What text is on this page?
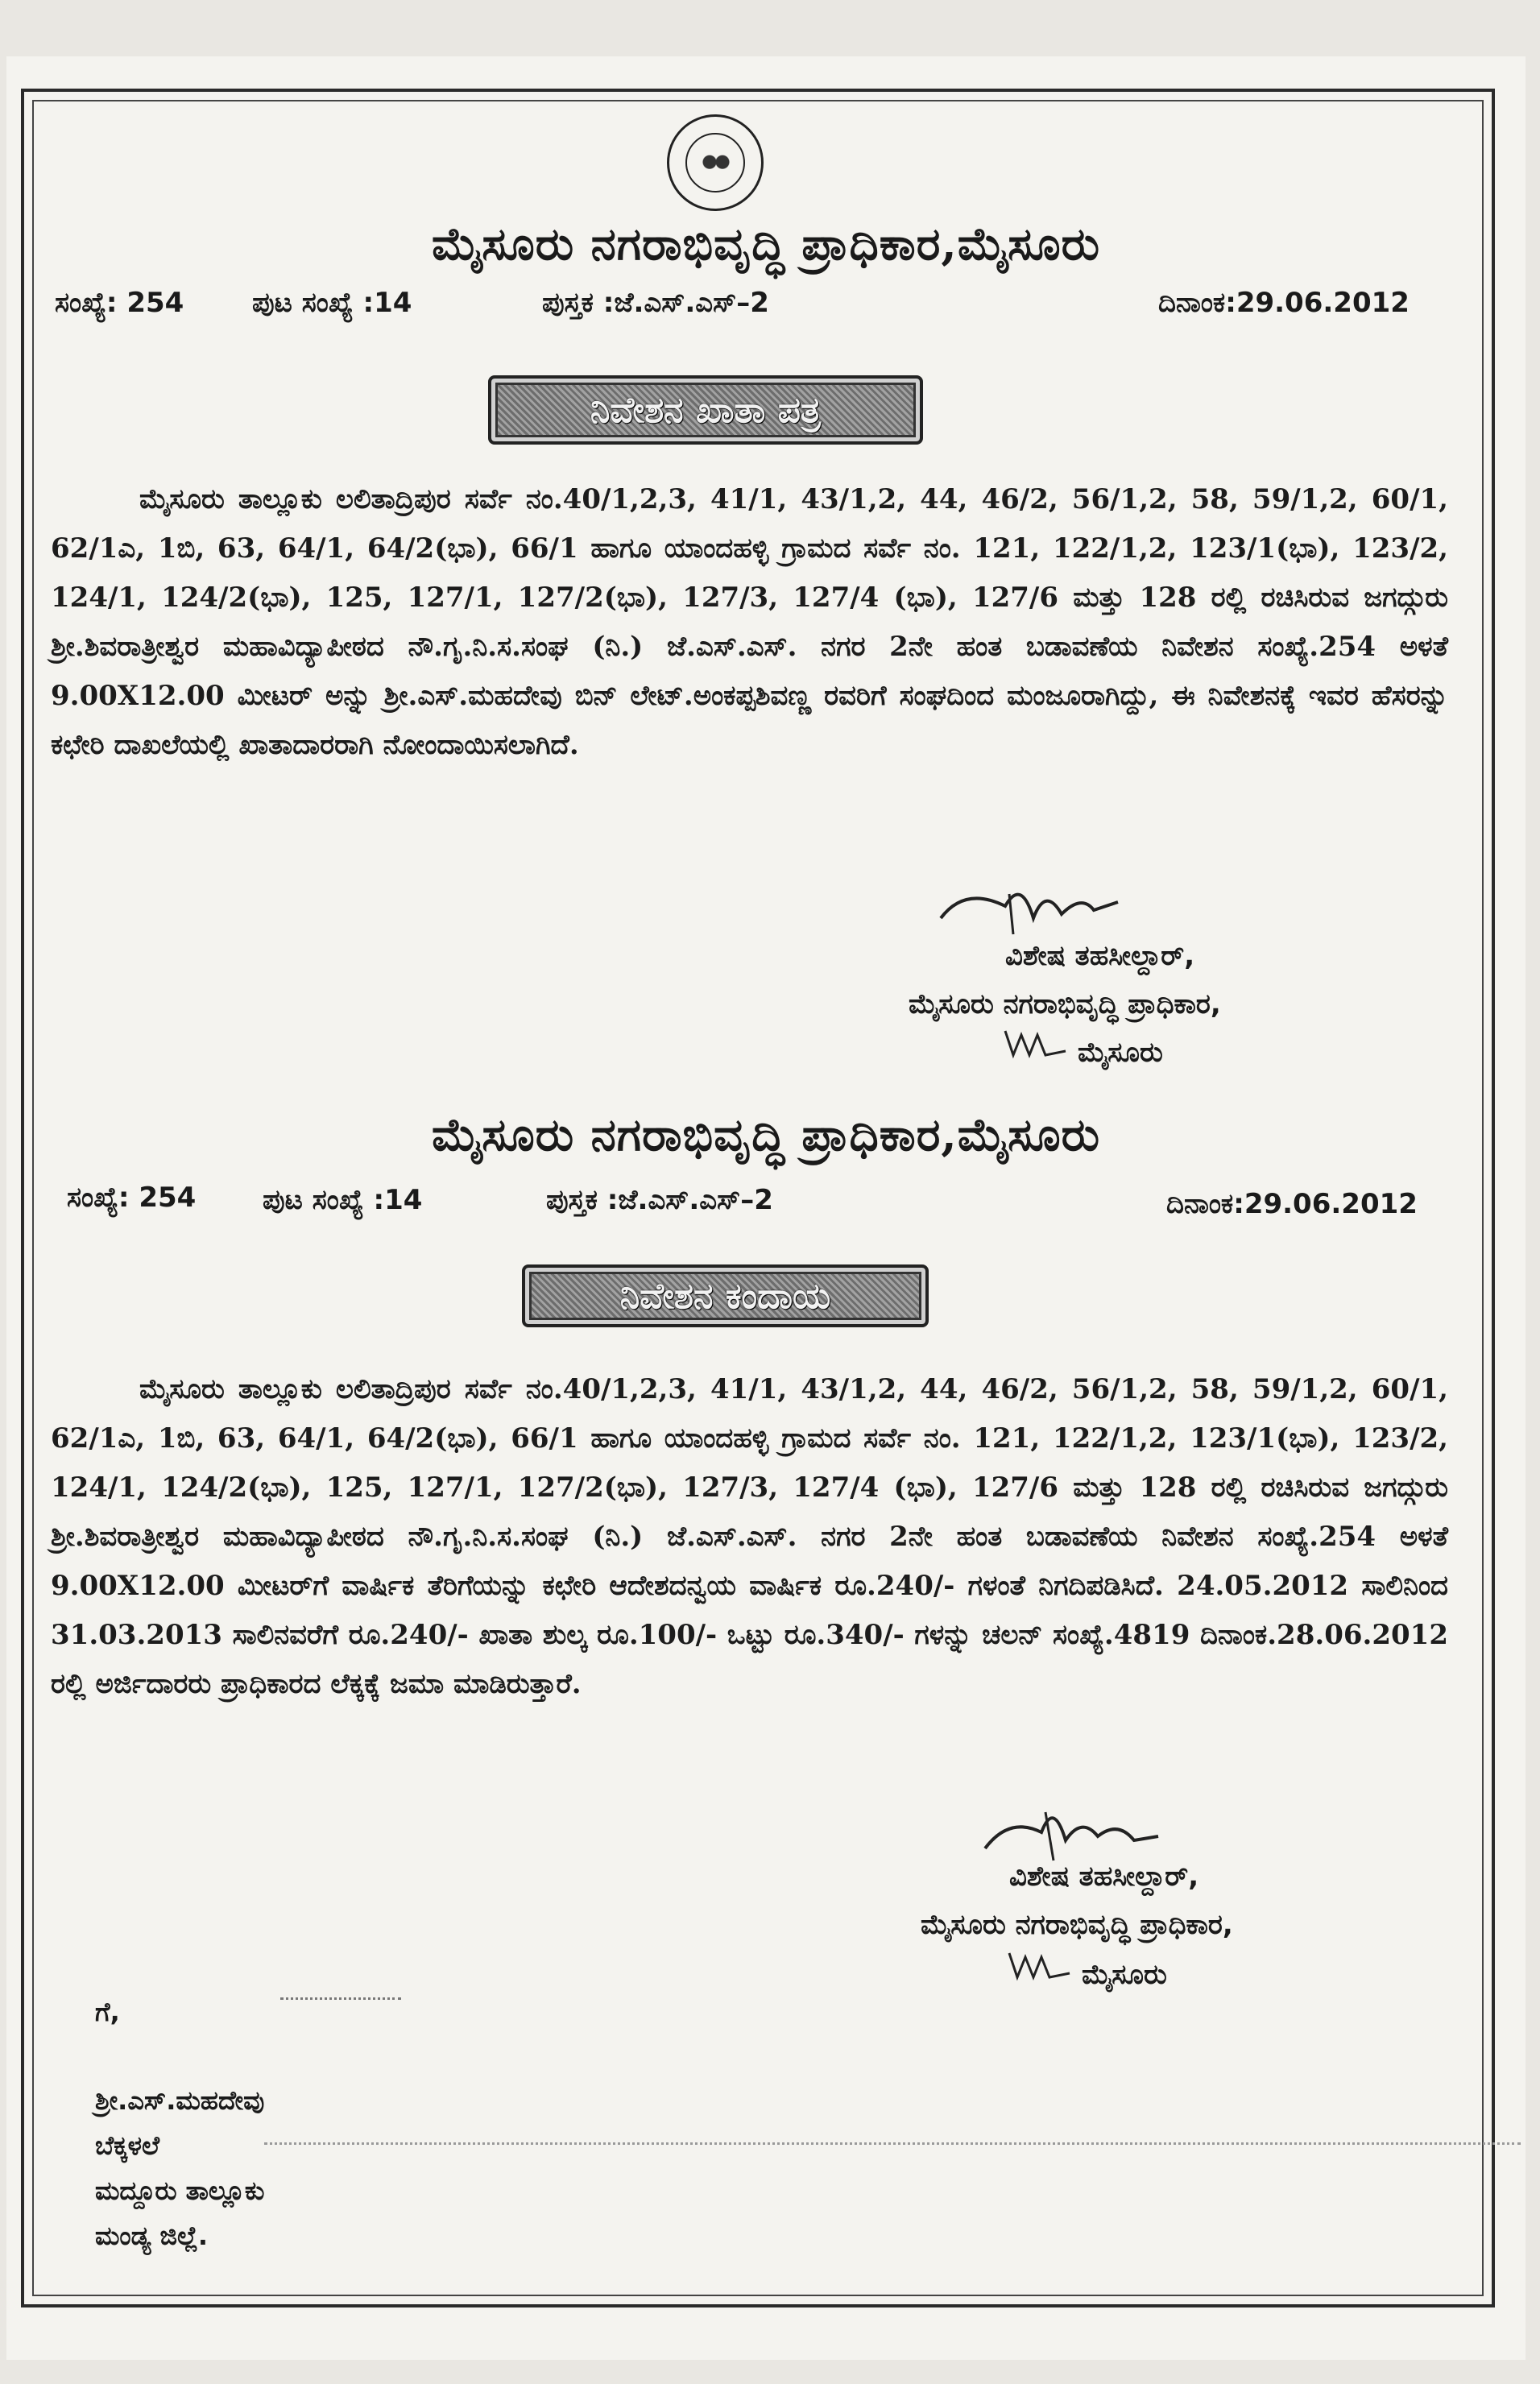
ಮೈಸೂರು ನಗರಾಭಿವೃದ್ಧಿ ಪ್ರಾಧಿಕಾರ,ಮೈಸೂರು
ಸಂಖ್ಯೆ: 254 ಪುಟ ಸಂಖ್ಯೆ :14	ಪುಸ್ತಕ :ಜೆ.ಎಸ್.ಎಸ್–2	ದಿನಾಂಕ:29.06.2012
ನಿವೇಶನ ಖಾತಾ ಪತ್ರ
ಮೈಸೂರು ತಾಲ್ಲೂಕು ಲಲಿತಾದ್ರಿಪುರ ಸರ್ವೆ ನಂ.40/1,2,3, 41/1, 43/1,2, 44, 46/2, 56/1,2, 58, 59/1,2, 60/1, 62/1ಎ, 1ಬಿ, 63, 64/1, 64/2(ಭಾ), 66/1 ಹಾಗೂ ಯಾಂದಹಳ್ಳಿ ಗ್ರಾಮದ ಸರ್ವೆ ನಂ. 121, 122/1,2, 123/1(ಭಾ), 123/2, 124/1, 124/2(ಭಾ), 125, 127/1, 127/2(ಭಾ), 127/3, 127/4 (ಭಾ), 127/6 ಮತ್ತು 128 ರಲ್ಲಿ ರಚಿಸಿರುವ ಜಗದ್ಗುರು ಶ್ರೀ.ಶಿವರಾತ್ರೀಶ್ವರ ಮಹಾವಿದ್ಯಾಪೀಠದ ನೌ.ಗೃ.ನಿ.ಸ.ಸಂಘ (ನಿ.) ಜೆ.ಎಸ್.ಎಸ್. ನಗರ 2ನೇ ಹಂತ ಬಡಾವಣೆಯ ನಿವೇಶನ ಸಂಖ್ಯೆ.254 ಅಳತೆ 9.00X12.00 ಮೀಟರ್ ಅನ್ನು ಶ್ರೀ.ಎಸ್.ಮಹದೇವು ಬಿನ್ ಲೇಟ್.ಅಂಕಪ್ಪಶಿವಣ್ಣ ರವರಿಗೆ ಸಂಘದಿಂದ ಮಂಜೂರಾಗಿದ್ದು, ಈ ನಿವೇಶನಕ್ಕೆ ಇವರ ಹೆಸರನ್ನು ಕಛೇರಿ ದಾಖಲೆಯಲ್ಲಿ ಖಾತಾದಾರರಾಗಿ ನೋಂದಾಯಿಸಲಾಗಿದೆ.
ವಿಶೇಷ ತಹಸೀಲ್ದಾರ್,
ಮೈಸೂರು ನಗರಾಭಿವೃದ್ಧಿ ಪ್ರಾಧಿಕಾರ,
ಮೈಸೂರು
ಮೈಸೂರು ನಗರಾಭಿವೃದ್ಧಿ ಪ್ರಾಧಿಕಾರ,ಮೈಸೂರು
ಸಂಖ್ಯೆ: 254 ಪುಟ ಸಂಖ್ಯೆ :14	ಪುಸ್ತಕ :ಜೆ.ಎಸ್.ಎಸ್–2	ದಿನಾಂಕ:29.06.2012
ನಿವೇಶನ ಕಂದಾಯ
ಮೈಸೂರು ತಾಲ್ಲೂಕು ಲಲಿತಾದ್ರಿಪುರ ಸರ್ವೆ ನಂ.40/1,2,3, 41/1, 43/1,2, 44, 46/2, 56/1,2, 58, 59/1,2, 60/1, 62/1ಎ, 1ಬಿ, 63, 64/1, 64/2(ಭಾ), 66/1 ಹಾಗೂ ಯಾಂದಹಳ್ಳಿ ಗ್ರಾಮದ ಸರ್ವೆ ನಂ. 121, 122/1,2, 123/1(ಭಾ), 123/2, 124/1, 124/2(ಭಾ), 125, 127/1, 127/2(ಭಾ), 127/3, 127/4 (ಭಾ), 127/6 ಮತ್ತು 128 ರಲ್ಲಿ ರಚಿಸಿರುವ ಜಗದ್ಗುರು ಶ್ರೀ.ಶಿವರಾತ್ರೀಶ್ವರ ಮಹಾವಿದ್ಯಾಪೀಠದ ನೌ.ಗೃ.ನಿ.ಸ.ಸಂಘ (ನಿ.) ಜೆ.ಎಸ್.ಎಸ್. ನಗರ 2ನೇ ಹಂತ ಬಡಾವಣೆಯ ನಿವೇಶನ ಸಂಖ್ಯೆ.254 ಅಳತೆ 9.00X12.00 ಮೀಟರ್‌ಗೆ ವಾರ್ಷಿಕ ತೆರಿಗೆಯನ್ನು ಕಛೇರಿ ಆದೇಶದನ್ವಯ ವಾರ್ಷಿಕ ರೂ.240/- ಗಳಂತೆ ನಿಗದಿಪಡಿಸಿದೆ. 24.05.2012 ಸಾಲಿನಿಂದ 31.03.2013 ಸಾಲಿನವರೆಗೆ ರೂ.240/- ಖಾತಾ ಶುಲ್ಕ ರೂ.100/- ಒಟ್ಟು ರೂ.340/- ಗಳನ್ನು ಚಲನ್ ಸಂಖ್ಯೆ.4819 ದಿನಾಂಕ.28.06.2012 ರಲ್ಲಿ ಅರ್ಜಿದಾರರು ಪ್ರಾಧಿಕಾರದ ಲೆಕ್ಕಕ್ಕೆ ಜಮಾ ಮಾಡಿರುತ್ತಾರೆ.
ವಿಶೇಷ ತಹಸೀಲ್ದಾರ್,
ಮೈಸೂರು ನಗರಾಭಿವೃದ್ಧಿ ಪ್ರಾಧಿಕಾರ,
ಮೈಸೂರು
ಗೆ,
ಶ್ರೀ.ಎಸ್.ಮಹದೇವು
ಬೆಕ್ಕಳಲೆ
ಮದ್ದೂರು ತಾಲ್ಲೂಕು
ಮಂಡ್ಯ ಜಿಲ್ಲೆ.
